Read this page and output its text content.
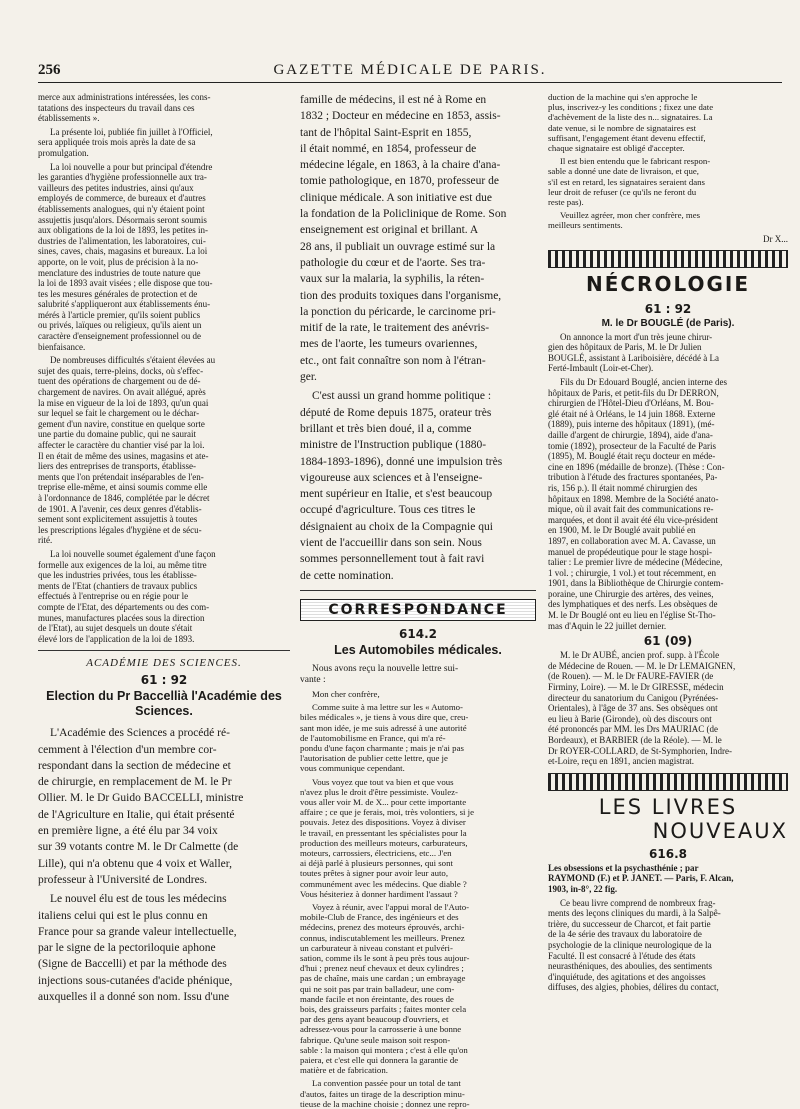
256	GAZETTE MÉDICALE DE PARIS.
merce aux administrations intéressées, les cons-
tatations des inspecteurs du travail dans ces
établissements ».
La présente loi, publiée fin juillet à l'Officiel,
sera appliquée trois mois après la date de sa
promulgation.
La loi nouvelle a pour but principal d'étendre
les garanties d'hygiène professionnelle aux tra-
vailleurs des petites industries, ainsi qu'aux
employés de commerce, de bureaux et d'autres
établissements analogues, qui n'y étaient point
assujettis jusqu'alors. Désormais seront soumis
aux obligations de la loi de 1893, les petites in-
dustries de l'alimentation, les laboratoires, cui-
sines, caves, chais, magasins et bureaux. La loi
apporte, on le voit, plus de précision à la no-
menclature des industries de toute nature que
la loi de 1893 avait visées ; elle dispose que tou-
tes les mesures générales de protection et de
salubrité s'appliqueront aux établissements énu-
mérés à l'article premier, qu'ils soient publics
ou privés, laïques ou religieux, qu'ils aient un
caractère d'enseignement professionnel ou de
bienfaisance.
De nombreuses difficultés s'étaient élevées au
sujet des quais, terre-pleins, docks, où s'effec-
tuent des opérations de chargement ou de dé-
chargement de navires. On avait allégué, après
la mise en vigueur de la loi de 1893, qu'un quai
sur lequel se fait le chargement ou le déchar-
gement d'un navire, constitue en quelque sorte
une partie du domaine public, qui ne saurait
affecter le caractère du chantier visé par la loi.
Il en était de même des usines, magasins et ate-
liers des entreprises de transports, établisse-
ments que l'on prétendait inséparables de l'en-
treprise elle-même, et ainsi soumis comme elle
à l'ordonnance de 1846, complétée par le décret
de 1901. A l'avenir, ces deux genres d'établis-
sement sont explicitement assujettis à toutes
les prescriptions légales d'hygiène et de sécu-
rité.
La loi nouvelle soumet également d'une façon
formelle aux exigences de la loi, au même titre
que les industries privées, tous les établisse-
ments de l'Etat (chantiers de travaux publics
effectués à l'entreprise ou en régie pour le
compte de l'Etat, des départements ou des com-
munes, manufactures placées sous la direction
de l'Etat), au sujet desquels un doute s'était
élevé lors de l'application de la loi de 1893.
ACADÉMIE DES SCIENCES.
61 : 92
Election du Pr Baccellià l'Académie des Sciences.
L'Académie des Sciences a procédé ré-
cemment à l'élection d'un membre cor-
respondant dans la section de médecine et
de chirurgie, en remplacement de M. le Pr
Ollier. M. le Dr Guido BACCELLI, ministre
de l'Agriculture en Italie, qui était présenté
en première ligne, a été élu par 34 voix
sur 39 votants contre M. le Dr Calmette (de
Lille), qui n'a obtenu que 4 voix et Waller,
professeur à l'Université de Londres.
Le nouvel élu est de tous les médecins
italiens celui qui est le plus connu en
France pour sa grande valeur intellectuelle,
par le signe de la pectoriloquie aphone
(Signe de Baccelli) et par la méthode des
injections sous-cutanées d'acide phénique,
auxquelles il a donné son nom. Issu d'une
famille de médecins, il est né à Rome en
1832 ; Docteur en médecine en 1853, assis-
tant de l'hôpital Saint-Esprit en 1855,
il était nommé, en 1854, professeur de
médecine légale, en 1863, à la chaire d'ana-
tomie pathologique, en 1870, professeur de
clinique médicale. A son initiative est due
la fondation de la Policlinique de Rome. Son
enseignement est original et brillant. A
28 ans, il publiait un ouvrage estimé sur la
pathologie du cœur et de l'aorte. Ses tra-
vaux sur la malaria, la syphilis, la réten-
tion des produits toxiques dans l'organisme,
la ponction du péricarde, le carcinome pri-
mitif de la rate, le traitement des anévris-
mes de l'aorte, les tumeurs ovariennes,
etc., ont fait connaître son nom à l'étran-
ger.
C'est aussi un grand homme politique :
député de Rome depuis 1875, orateur très
brillant et très bien doué, il a, comme
ministre de l'Instruction publique (1880-
1884-1893-1896), donné une impulsion très
vigoureuse aux sciences et à l'enseigne-
ment supérieur en Italie, et s'est beaucoup
occupé d'agriculture. Tous ces titres le
désignaient au choix de la Compagnie qui
vient de l'accueillir dans son sein. Nous
sommes personnellement tout à fait ravi
de cette nomination.
CORRESPONDANCE
614.2
Les Automobiles médicales.
Nous avons reçu la nouvelle lettre sui-
vante :
Mon cher confrère,
Comme suite à ma lettre sur les « Automo-
biles médicales », je tiens à vous dire que, creu-
sant mon idée, je me suis adressé à une autorité
de l'automobilisme en France, qui m'a ré-
pondu d'une façon charmante ; mais je n'ai pas
l'autorisation de publier cette lettre, que je
vous communique cependant.
Vous voyez que tout va bien et que vous
n'avez plus le droit d'être pessimiste. Voulez-
vous aller voir M. de X... pour cette importante
affaire ; ce que je ferais, moi, très volontiers, si je
pouvais. Jetez des dispositions. Voyez à diviser
le travail, en pressentant les spécialistes pour la
production des meilleurs moteurs, carburateurs,
moteurs, carrossiers, électriciens, etc... J'en
ai déjà parlé à plusieurs personnes, qui sont
toutes prêtes à signer pour avoir leur auto,
communément avec les médecins. Que diable ?
Vous hésiteriez à donner hardiment l'assaut ?
Voyez à réunir, avec l'appui moral de l'Auto-
mobile-Club de France, des ingénieurs et des
médecins, prenez des moteurs éprouvés, archi-
connus, indiscutablement les meilleurs. Prenez
un carburateur à niveau constant et pulvéri-
sation, comme ils le sont à peu près tous aujour-
d'hui ; prenez neuf chevaux et deux cylindres ;
pas de chaîne, mais une cardan ; un embrayage
qui ne soit pas par train balladeur, une com-
mande facile et non éreintante, des roues de
bois, des graisseurs parfaits ; faites monter cela
par des gens ayant beaucoup d'ouvriers, et
adressez-vous pour la carrosserie à une bonne
fabrique. Qu'une seule maison soit respon-
sable : la maison qui montera ; c'est à elle qu'on
paiera, et c'est elle qui donnera la garantie de
matière et de fabrication.
La convention passée pour un total de tant
d'autos, faites un tirage de la description minu-
tieuse de la machine choisie ; donnez une repro-
duction de la machine qui s'en approche le
plus, inscrivez-y les conditions ; fixez une date
d'achèvement de la liste des n... signataires. La
date venue, si le nombre de signataires est
suffisant, l'engagement étant devenu effectif,
chaque signataire est obligé d'accepter.
Il est bien entendu que le fabricant respon-
sable a donné une date de livraison, et que,
s'il est en retard, les signataires seraient dans
leur droit de refuser (ce qu'ils ne feront du
reste pas).
Veuillez agréer, mon cher confrère, mes
meilleurs sentiments.
Dr X...
NÉCROLOGIE
61 : 92
M. le Dr BOUGLÉ (de Paris).
On annonce la mort d'un très jeune chirur-
gien des hôpitaux de Paris, M. le Dr Julien
BOUGLÉ, assistant à Lariboisière, décédé à La
Ferté-Imbault (Loir-et-Cher).
Fils du Dr Edouard Bouglé, ancien interne des
hôpitaux de Paris, et petit-fils du Dr DERRON,
chirurgien de l'Hôtel-Dieu d'Orléans, M. Bou-
glé était né à Orléans, le 14 juin 1868. Externe
(1889), puis interne des hôpitaux (1891), (mé-
daille d'argent de chirurgie, 1894), aide d'ana-
tomie (1892), prosecteur de la Faculté de Paris
(1895), M. Bouglé était reçu docteur en méde-
cine en 1896 (médaille de bronze). (Thèse : Con-
tribution à l'étude des fractures spontanées, Pa-
ris, 156 p.). Il était nommé chirurgien des
hôpitaux en 1898. Membre de la Société anato-
mique, où il avait fait des communications re-
marquées, et dont il avait été élu vice-président
en 1900, M. le Dr Bouglé avait publié en
1897, en collaboration avec M. A. Cavasse, un
manuel de propédeutique pour le stage hospi-
talier : Le premier livre de médecine (Médecine,
1 vol. ; chirurgie, 1 vol.) et tout récemment, en
1901, dans la Bibliothèque de Chirurgie contem-
poraine, une Chirurgie des artères, des veines,
des lymphatiques et des nerfs. Les obsèques de
M. le Dr Bouglé ont eu lieu en l'église St-Tho-
mas d'Aquin le 22 juillet dernier.
61 (09)
M. le Dr AUBÉ, ancien prof. supp. à l'École
de Médecine de Rouen. — M. le Dr LEMAIGNEN,
(de Rouen). — M. le Dr FAURE-FAVIER (de
Firminy, Loire). — M. le Dr GIRESSE, médecin
directeur du sanatorium du Canigou (Pyrénées-
Orientales), à l'âge de 37 ans. Ses obsèques ont
eu lieu à Barie (Gironde), où des discours ont
été prononcés par MM. les Drs MAURIAC (de
Bordeaux), et BARBIER (de la Réole). — M. le
Dr ROYER-COLLARD, de St-Symphorien, Indre-
et-Loire, reçu en 1891, ancien magistrat.
LES LIVRES
NOUVEAUX
616.8
Les obsessions et la psychasthénie ; par
RAYMOND (F.) et P. JANET. — Paris, F. Alcan,
1903, in-8°, 22 fig.
Ce beau livre comprend de nombreux frag-
ments des leçons cliniques du mardi, à la Salpê-
trière, du successeur de Charcot, et fait partie
de la 4e série des travaux du laboratoire de
psychologie de la clinique neurologique de la
Faculté. Il est consacré à l'étude des états
neurasthéniques, des aboulies, des sentiments
d'inquiétude, des agitations et des angoisses
diffuses, des algies, phobies, délires du contact,
